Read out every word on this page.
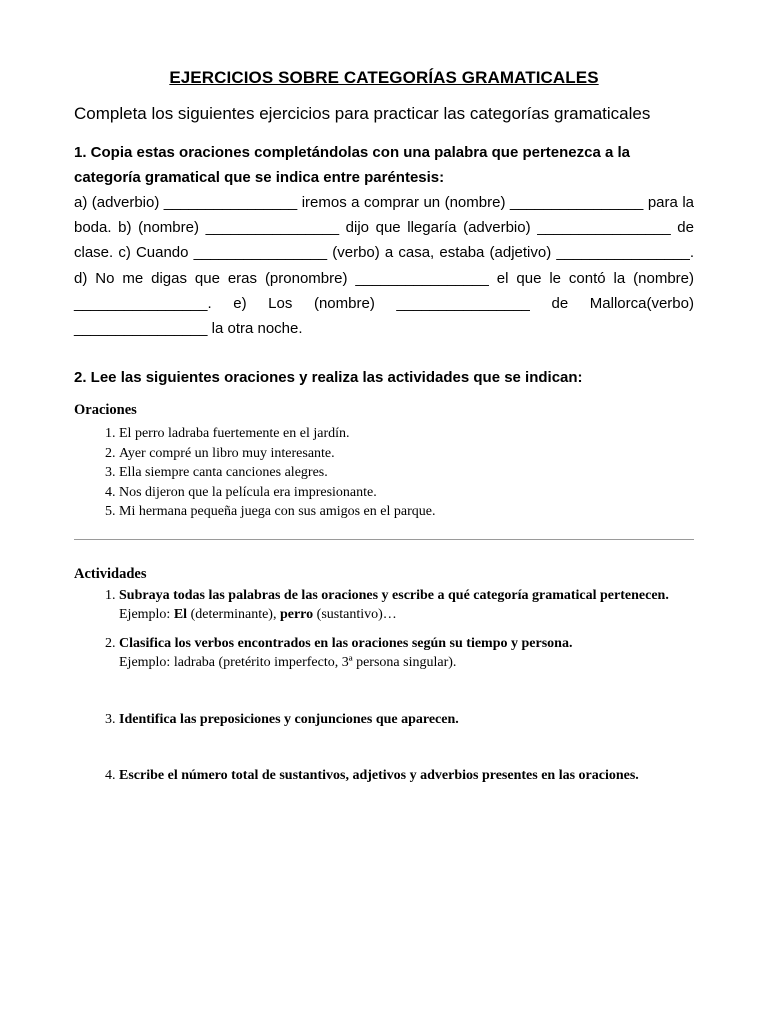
EJERCICIOS SOBRE CATEGORÍAS GRAMATICALES

Completa los siguientes ejercicios para practicar las categorías gramaticales

1. Copia estas oraciones completándolas con una palabra que pertenezca a la categoría gramatical que se indica entre paréntesis:

a) (adverbio) ________________ iremos a comprar un (nombre) ________________ para la boda. b) (nombre) ________________ dijo que llegaría (adverbio) ________________ de clase. c) Cuando ________________ (verbo) a casa, estaba (adjetivo) ________________. d) No me digas que eras (pronombre) ________________ el que le contó la (nombre) ________________. e) Los (nombre) ________________ de Mallorca(verbo) ________________ la otra noche.

2. Lee las siguientes oraciones y realiza las actividades que se indican:

Oraciones

1. El perro ladraba fuertemente en el jardín.
2. Ayer compré un libro muy interesante.
3. Ella siempre canta canciones alegres.
4. Nos dijeron que la película era impresionante.
5. Mi hermana pequeña juega con sus amigos en el parque.

Actividades

1. Subraya todas las palabras de las oraciones y escribe a qué categoría gramatical pertenecen.
Ejemplo: El (determinante), perro (sustantivo)…
2. Clasifica los verbos encontrados en las oraciones según su tiempo y persona.
Ejemplo: ladraba (pretérito imperfecto, 3ª persona singular).
3. Identifica las preposiciones y conjunciones que aparecen.
4. Escribe el número total de sustantivos, adjetivos y adverbios presentes en las oraciones.
